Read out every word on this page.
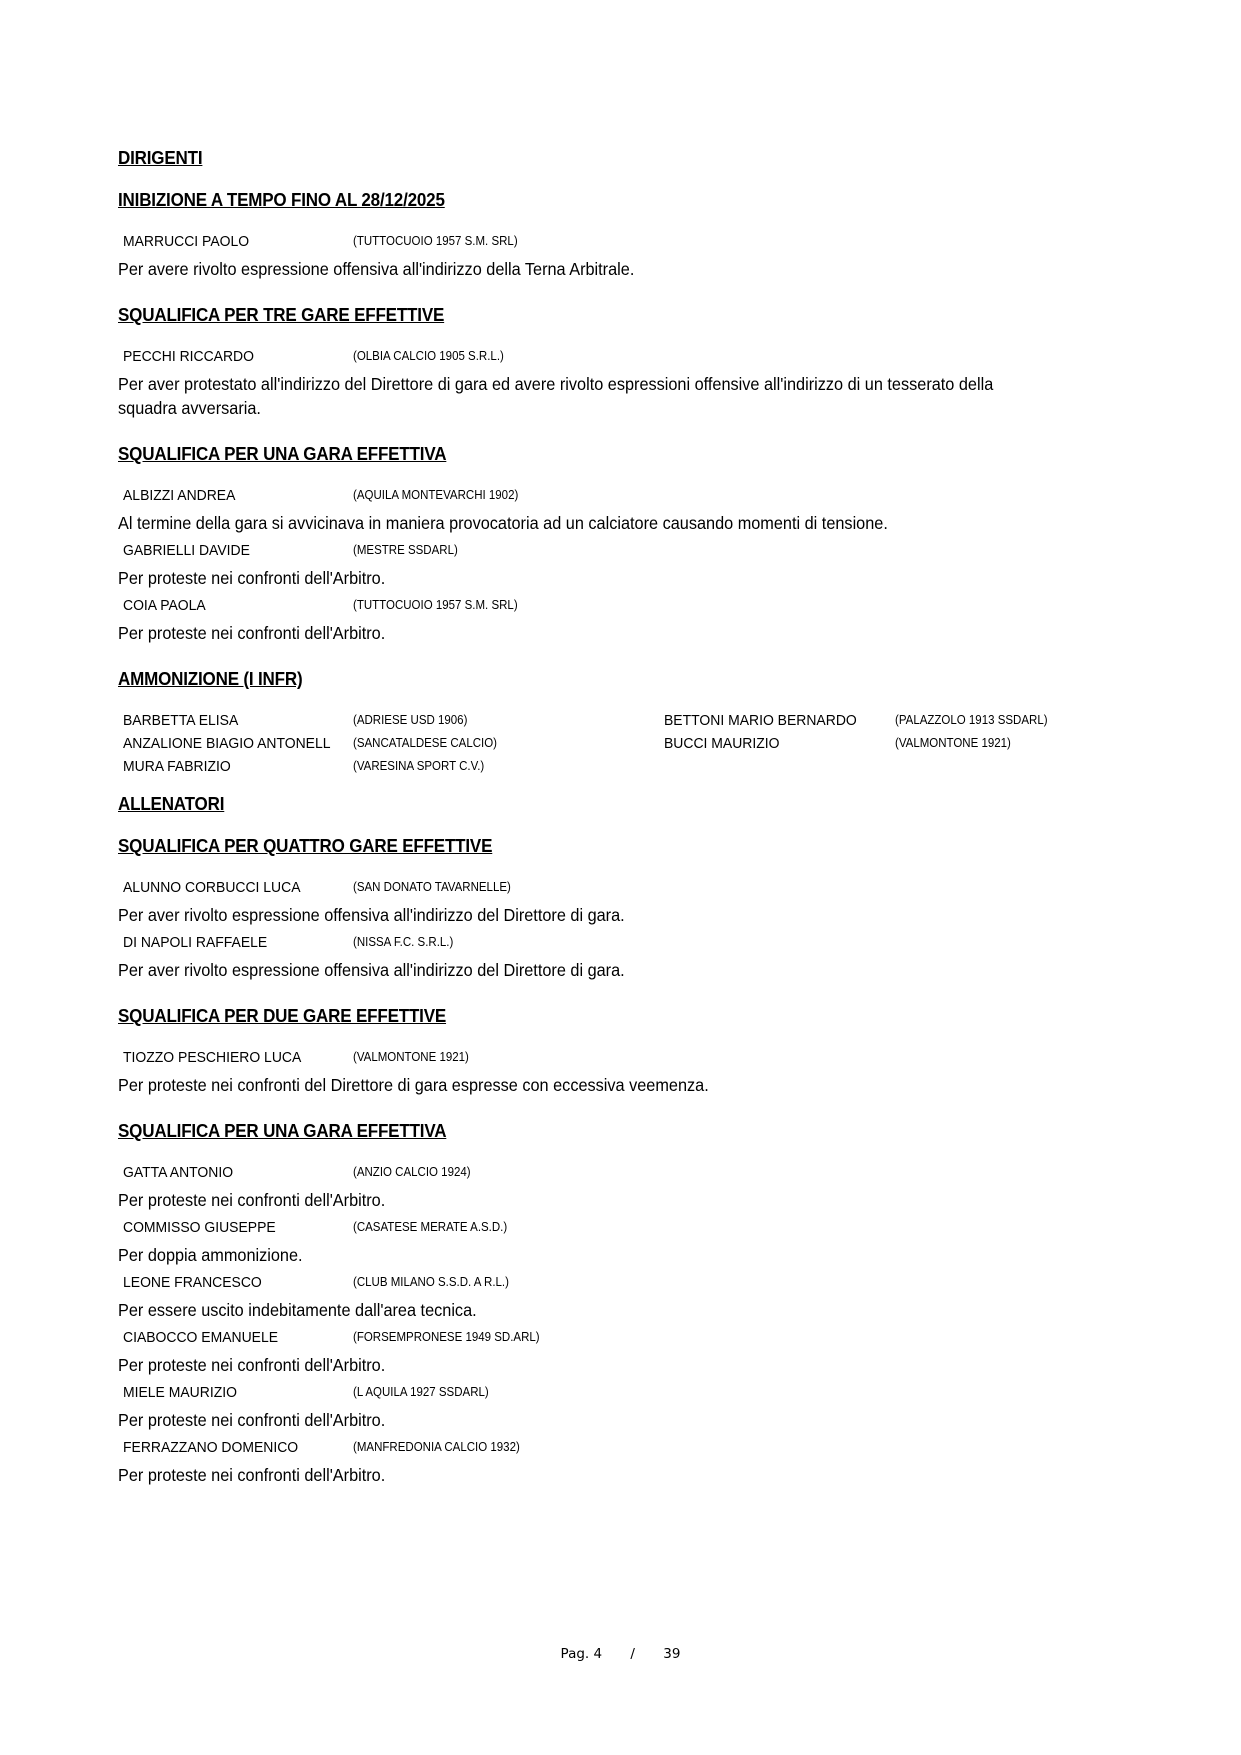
DIRIGENTI
INIBIZIONE A TEMPO FINO AL 28/12/2025
MARRUCCI PAOLO	(TUTTOCUOIO 1957 S.M. SRL)
Per avere rivolto espressione offensiva all'indirizzo della Terna Arbitrale.
SQUALIFICA PER TRE GARE EFFETTIVE
PECCHI RICCARDO	(OLBIA CALCIO 1905 S.R.L.)
Per aver protestato all'indirizzo del Direttore di gara ed avere rivolto espressioni offensive all'indirizzo di un tesserato della squadra avversaria.
SQUALIFICA PER UNA GARA EFFETTIVA
ALBIZZI ANDREA	(AQUILA MONTEVARCHI 1902)
Al termine della gara si avvicinava in maniera provocatoria ad un calciatore causando momenti di tensione.
GABRIELLI DAVIDE	(MESTRE SSDARL)
Per proteste nei confronti dell'Arbitro.
COIA PAOLA	(TUTTOCUOIO 1957 S.M. SRL)
Per proteste nei confronti dell'Arbitro.
AMMONIZIONE (I INFR)
BARBETTA ELISA	(ADRIESE USD 1906)	BETTONI MARIO BERNARDO	(PALAZZOLO 1913 SSDARL)
ANZALIONE BIAGIO ANTONELL (SANCATALDESE CALCIO)	BUCCI MAURIZIO	(VALMONTONE 1921)
MURA FABRIZIO	(VARESINA SPORT C.V.)
ALLENATORI
SQUALIFICA PER QUATTRO GARE EFFETTIVE
ALUNNO CORBUCCI LUCA	(SAN DONATO TAVARNELLE)
Per aver rivolto espressione offensiva all'indirizzo del Direttore di gara.
DI NAPOLI RAFFAELE	(NISSA F.C. S.R.L.)
Per aver rivolto espressione offensiva all'indirizzo del Direttore di gara.
SQUALIFICA PER DUE GARE EFFETTIVE
TIOZZO PESCHIERO LUCA	(VALMONTONE 1921)
Per proteste nei confronti del Direttore di gara espresse con eccessiva veemenza.
SQUALIFICA PER UNA GARA EFFETTIVA
GATTA ANTONIO	(ANZIO CALCIO 1924)
Per proteste nei confronti dell'Arbitro.
COMMISSO GIUSEPPE	(CASATESE MERATE A.S.D.)
Per doppia ammonizione.
LEONE FRANCESCO	(CLUB MILANO S.S.D. A R.L.)
Per essere uscito indebitamente dall'area tecnica.
CIABOCCO EMANUELE	(FORSEMPRONESE 1949 SD.ARL)
Per proteste nei confronti dell'Arbitro.
MIELE MAURIZIO	(L AQUILA 1927 SSDARL)
Per proteste nei confronti dell'Arbitro.
FERRAZZANO DOMENICO	(MANFREDONIA CALCIO 1932)
Per proteste nei confronti dell'Arbitro.
Pag. 4 / 39
